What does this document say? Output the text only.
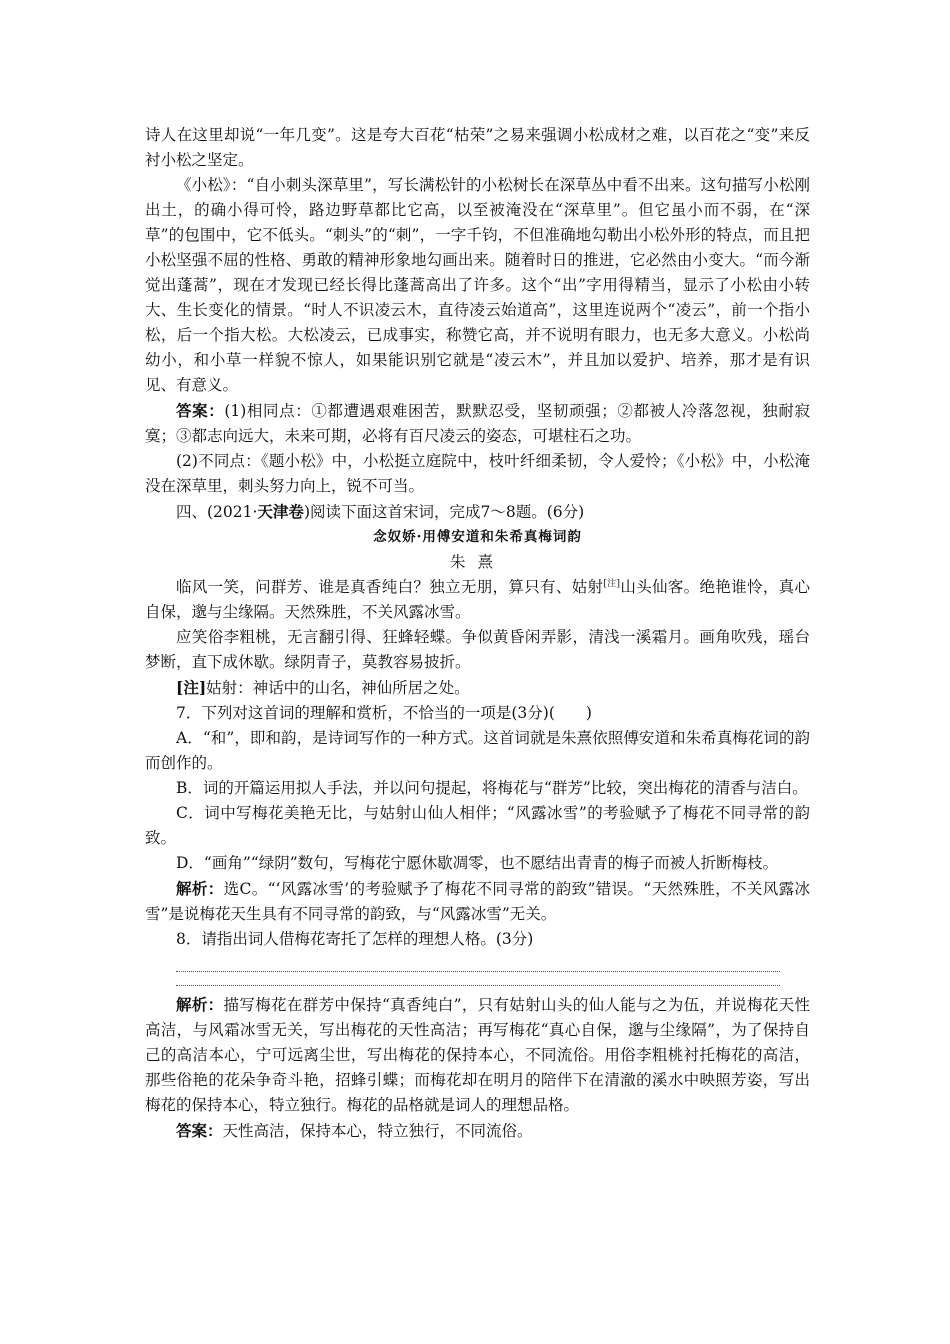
诗人在这里却说“一年几变”。这是夸大百花“枯荣”之易来强调小松成材之难，以百花之“变”来反衬小松之坚定。

《小松》：“自小刺头深草里”，写长满松针的小松树长在深草丛中看不出来。这句描写小松刚出土，的确小得可怜，路边野草都比它高，以至被淹没在“深草里”。但它虽小而不弱，在“深草”的包围中，它不低头。“刺头”的“刺”，一字千钧，不但准确地勾勒出小松外形的特点，而且把小松坚强不屈的性格、勇敢的精神形象地勾画出来。随着时日的推进，它必然由小变大。“而今渐觉出蓬蒿”，现在才发现已经长得比蓬蒿高出了许多。这个“出”字用得精当，显示了小松由小转大、生长变化的情景。“时人不识凌云木，直待凌云始道高”，这里连说两个“凌云”，前一个指小松，后一个指大松。大松凌云，已成事实，称赞它高，并不说明有眼力，也无多大意义。小松尚幼小，和小草一样貌不惊人，如果能识别它就是“凌云木”，并且加以爱护、培养，那才是有识见、有意义。

答案：(1)相同点：①都遭遇艰难困苦，默默忍受，坚韧顽强；②都被人冷落忽视，独耐寂寞；③都志向远大，未来可期，必将有百尺凌云的姿态，可堪柱石之功。

(2)不同点：《题小松》中，小松挺立庭院中，枝叶纤细柔韧，令人爱怜；《小松》中，小松淹没在深草里，刺头努力向上，锐不可当。

四、(2021·天津卷)阅读下面这首宋词，完成7～8题。(6分)

念奴娇·用傅安道和朱希真梅词韵

朱熹

临风一笑，问群芳、谁是真香纯白？独立无朋，算只有、姑射[注]山头仙客。绝艳谁怜，真心自保，邈与尘缘隔。天然殊胜，不关风露冰雪。

应笑俗李粗桃，无言翻引得、狂蜂轻蝶。争似黄昏闲弄影，清浅一溪霜月。画角吹残，瑶台梦断，直下成休歇。绿阴青子，莫教容易披折。

[注]姑射：神话中的山名，神仙所居之处。

7．下列对这首词的理解和赏析，不恰当的一项是(3分)(　　)

A．“和”，即和韵，是诗词写作的一种方式。这首词就是朱熹依照傅安道和朱希真梅花词的韵而创作的。

B．词的开篇运用拟人手法，并以问句提起，将梅花与“群芳”比较，突出梅花的清香与洁白。

C．词中写梅花美艳无比，与姑射山仙人相伴；“风露冰雪”的考验赋予了梅花不同寻常的韵致。

D．“画角”“绿阴”数句，写梅花宁愿休歇凋零，也不愿结出青青的梅子而被人折断梅枝。

解析：选C。“‘风露冰雪’的考验赋予了梅花不同寻常的韵致”错误。“天然殊胜，不关风露冰雪”是说梅花天生具有不同寻常的韵致，与“风露冰雪”无关。

8．请指出词人借梅花寄托了怎样的理想人格。(3分)

解析：描写梅花在群芳中保持“真香纯白”，只有姑射山头的仙人能与之为伍，并说梅花天性高洁，与风霜冰雪无关，写出梅花的天性高洁；再写梅花“真心自保，邈与尘缘隔”，为了保持自己的高洁本心，宁可远离尘世，写出梅花的保持本心，不同流俗。用俗李粗桃衬托梅花的高洁，那些俗艳的花朵争奇斗艳，招蜂引蝶；而梅花却在明月的陪伴下在清澈的溪水中映照芳姿，写出梅花的保持本心，特立独行。梅花的品格就是词人的理想品格。

答案：天性高洁，保持本心，特立独行，不同流俗。
